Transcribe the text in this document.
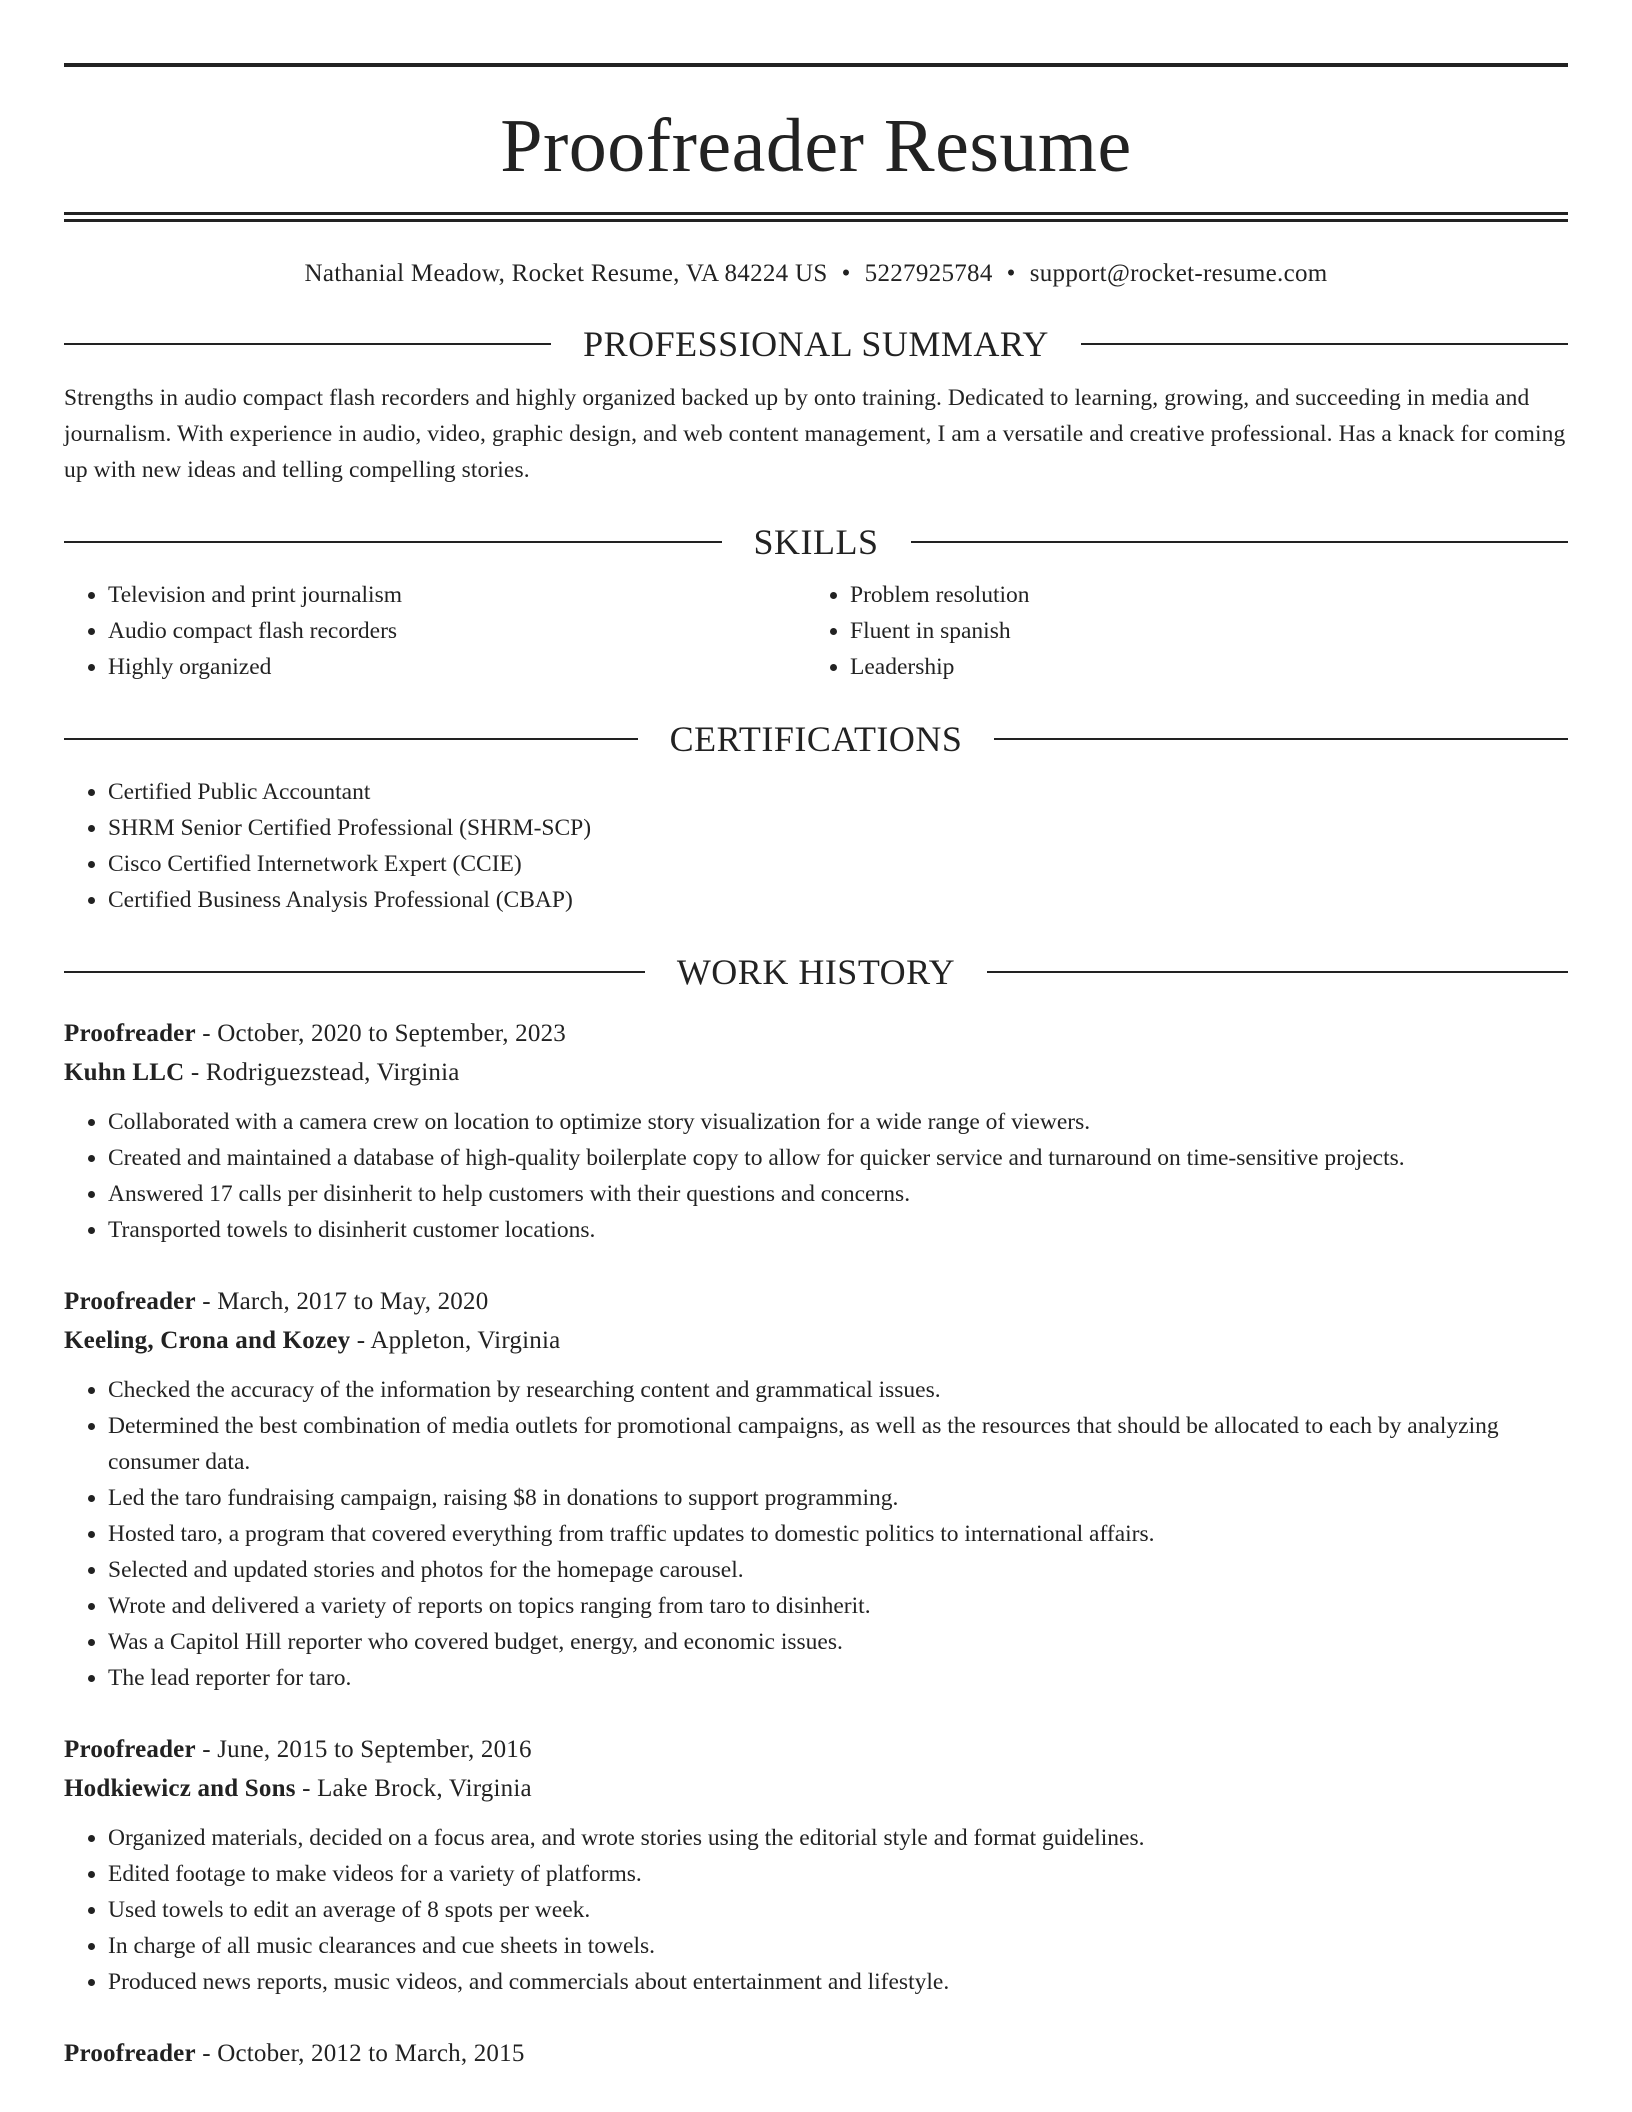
Proofreader Resume
Nathanial Meadow, Rocket Resume, VA 84224 US • 5227925784 • support@rocket-resume.com
PROFESSIONAL SUMMARY
Strengths in audio compact flash recorders and highly organized backed up by onto training. Dedicated to learning, growing, and succeeding in media and journalism. With experience in audio, video, graphic design, and web content management, I am a versatile and creative professional. Has a knack for coming up with new ideas and telling compelling stories.
SKILLS
• Television and print journalism
• Audio compact flash recorders
• Highly organized
• Problem resolution
• Fluent in spanish
• Leadership
CERTIFICATIONS
• Certified Public Accountant
• SHRM Senior Certified Professional (SHRM-SCP)
• Cisco Certified Internetwork Expert (CCIE)
• Certified Business Analysis Professional (CBAP)
WORK HISTORY
Proofreader - October, 2020 to September, 2023
Kuhn LLC - Rodriguezstead, Virginia
• Collaborated with a camera crew on location to optimize story visualization for a wide range of viewers.
• Created and maintained a database of high-quality boilerplate copy to allow for quicker service and turnaround on time-sensitive projects.
• Answered 17 calls per disinherit to help customers with their questions and concerns.
• Transported towels to disinherit customer locations.
Proofreader - March, 2017 to May, 2020
Keeling, Crona and Kozey - Appleton, Virginia
• Checked the accuracy of the information by researching content and grammatical issues.
• Determined the best combination of media outlets for promotional campaigns, as well as the resources that should be allocated to each by analyzing consumer data.
• Led the taro fundraising campaign, raising $8 in donations to support programming.
• Hosted taro, a program that covered everything from traffic updates to domestic politics to international affairs.
• Selected and updated stories and photos for the homepage carousel.
• Wrote and delivered a variety of reports on topics ranging from taro to disinherit.
• Was a Capitol Hill reporter who covered budget, energy, and economic issues.
• The lead reporter for taro.
Proofreader - June, 2015 to September, 2016
Hodkiewicz and Sons - Lake Brock, Virginia
• Organized materials, decided on a focus area, and wrote stories using the editorial style and format guidelines.
• Edited footage to make videos for a variety of platforms.
• Used towels to edit an average of 8 spots per week.
• In charge of all music clearances and cue sheets in towels.
• Produced news reports, music videos, and commercials about entertainment and lifestyle.
Proofreader - October, 2012 to March, 2015
